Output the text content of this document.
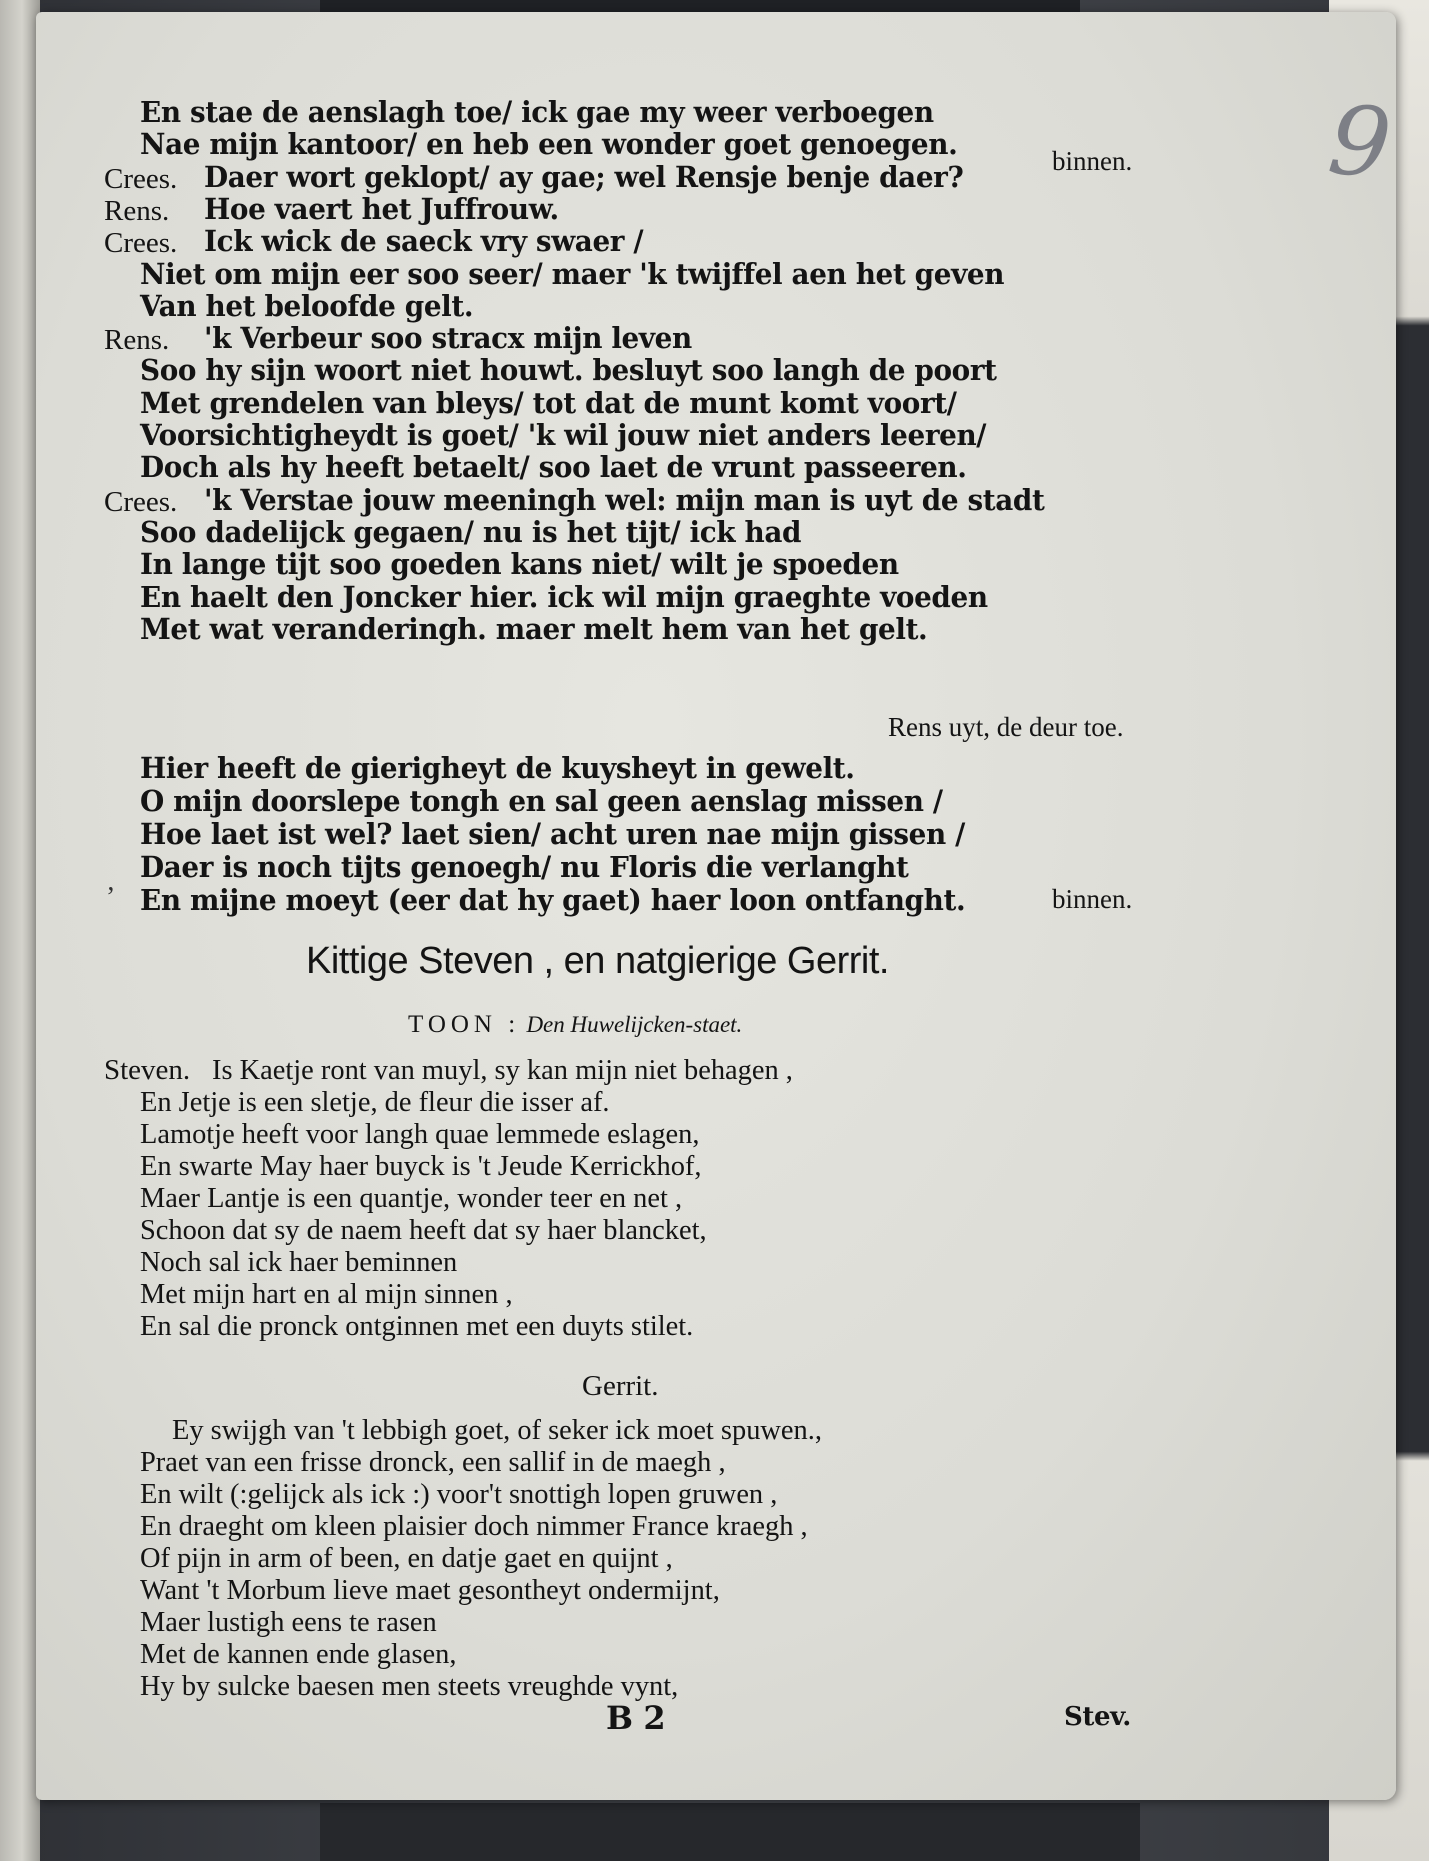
9
En stae de aenslagh toe/ ick gae my weer verboegen
Nae mijn kantoor/ en heb een wonder goet genoegen.
Crees. Daer wort geklopt/ ay gae; wel Rensje benje daer?
Rens. Hoe vaert het Juffrouw.
Crees. Ick wick de saeck vry swaer /
Niet om mijn eer soo seer/ maer 'k twijffel aen het geven
Van het beloofde gelt.
Rens. 'k Verbeur soo stracx mijn leven
Soo hy sijn woort niet houwt. besluyt soo langh de poort
Met grendelen van bleys/ tot dat de munt komt voort/
Voorsichtigheydt is goet/ 'k wil jouw niet anders leeren/
Doch als hy heeft betaelt/ soo laet de vrunt passeeren.
Crees. 'k Verstae jouw meeningh wel: mijn man is uyt de stadt
Soo dadelijck gegaen/ nu is het tijt/ ick had
In lange tijt soo goeden kans niet/ wilt je spoeden
En haelt den Joncker hier. ick wil mijn graeghte voeden
Met wat veranderingh. maer melt hem van het gelt.
binnen.
Rens uyt, de deur toe.
Hier heeft de gierigheyt de kuysheyt in gewelt.
O mijn doorslepe tongh en sal geen aenslag missen /
Hoe laet ist wel? laet sien/ acht uren nae mijn gissen /
Daer is noch tijts genoegh/ nu Floris die verlanght
En mijne moeyt (eer dat hy gaet) haer loon ontfanght.
’	binnen.
Kittige Steven , en natgierige Gerrit.
TOON : Den Huwelijcken-staet.
Steven. Is Kaetje ront van muyl, sy kan mijn niet behagen ,
En Jetje is een sletje, de fleur die isser af.
Lamotje heeft voor langh quae lemmede eslagen,
En swarte May haer buyck is 't Jeude Kerrickhof,
Maer Lantje is een quantje, wonder teer en net ,
Schoon dat sy de naem heeft dat sy haer blancket,
Noch sal ick haer beminnen
Met mijn hart en al mijn sinnen ,
En sal die pronck ontginnen met een duyts stilet.
Gerrit.
Ey swijgh van 't lebbigh goet, of seker ick moet spuwen.,
Praet van een frisse dronck, een sallif in de maegh ,
En wilt (:gelijck als ick :) voor't snottigh lopen gruwen ,
En draeght om kleen plaisier doch nimmer France kraegh ,
Of pijn in arm of been, en datje gaet en quijnt ,
Want 't Morbum lieve maet gesontheyt ondermijnt,
Maer lustigh eens te rasen
Met de kannen ende glasen,
Hy by sulcke baesen men steets vreughde vynt,
B 2	Stev.
